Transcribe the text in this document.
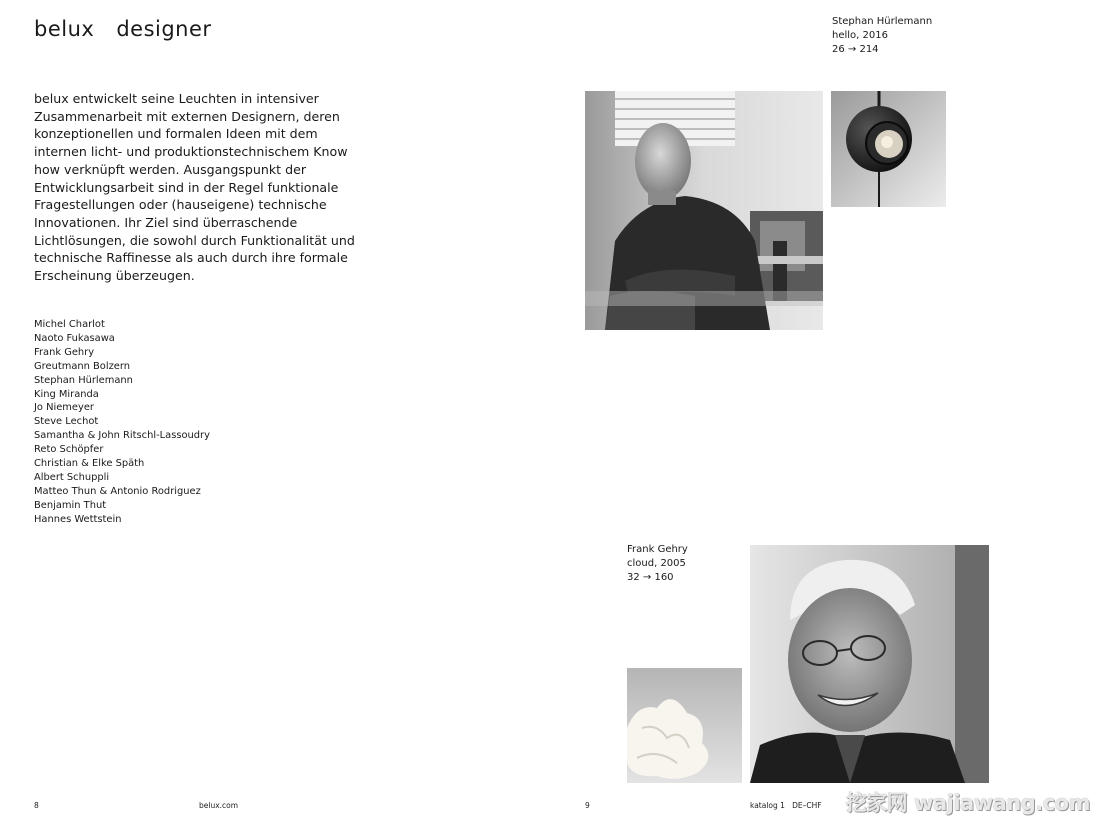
belux designer

belux entwickelt seine Leuchten in intensiver Zusammenarbeit mit externen Designern, deren konzeptionellen und formalen Ideen mit dem internen licht- und produktionstechnischem Know how verknüpft werden. Ausgangspunkt der Entwicklungsarbeit sind in der Regel funktionale Fragestellungen oder (hauseigene) technische Innovationen. Ihr Ziel sind überraschende Lichtlösungen, die sowohl durch Funktionalität und technische Raffinesse als auch durch ihre formale Erscheinung überzeugen.

Michel Charlot
Naoto Fukasawa
Frank Gehry
Greutmann Bolzern
Stephan Hürlemann
King Miranda
Jo Niemeyer
Steve Lechot
Samantha & John Ritschl-Lassoudry
Reto Schöpfer
Christian & Elke Späth
Albert Schuppli
Matteo Thun & Antonio Rodriguez
Benjamin Thut
Hannes Wettstein
Stephan Hürlemann
hello, 2016
26 → 214
Frank Gehry
cloud, 2005
32 → 160
8	belux.com	9	katalog 1   DE–CHF 挖家网 wajiawang.com
